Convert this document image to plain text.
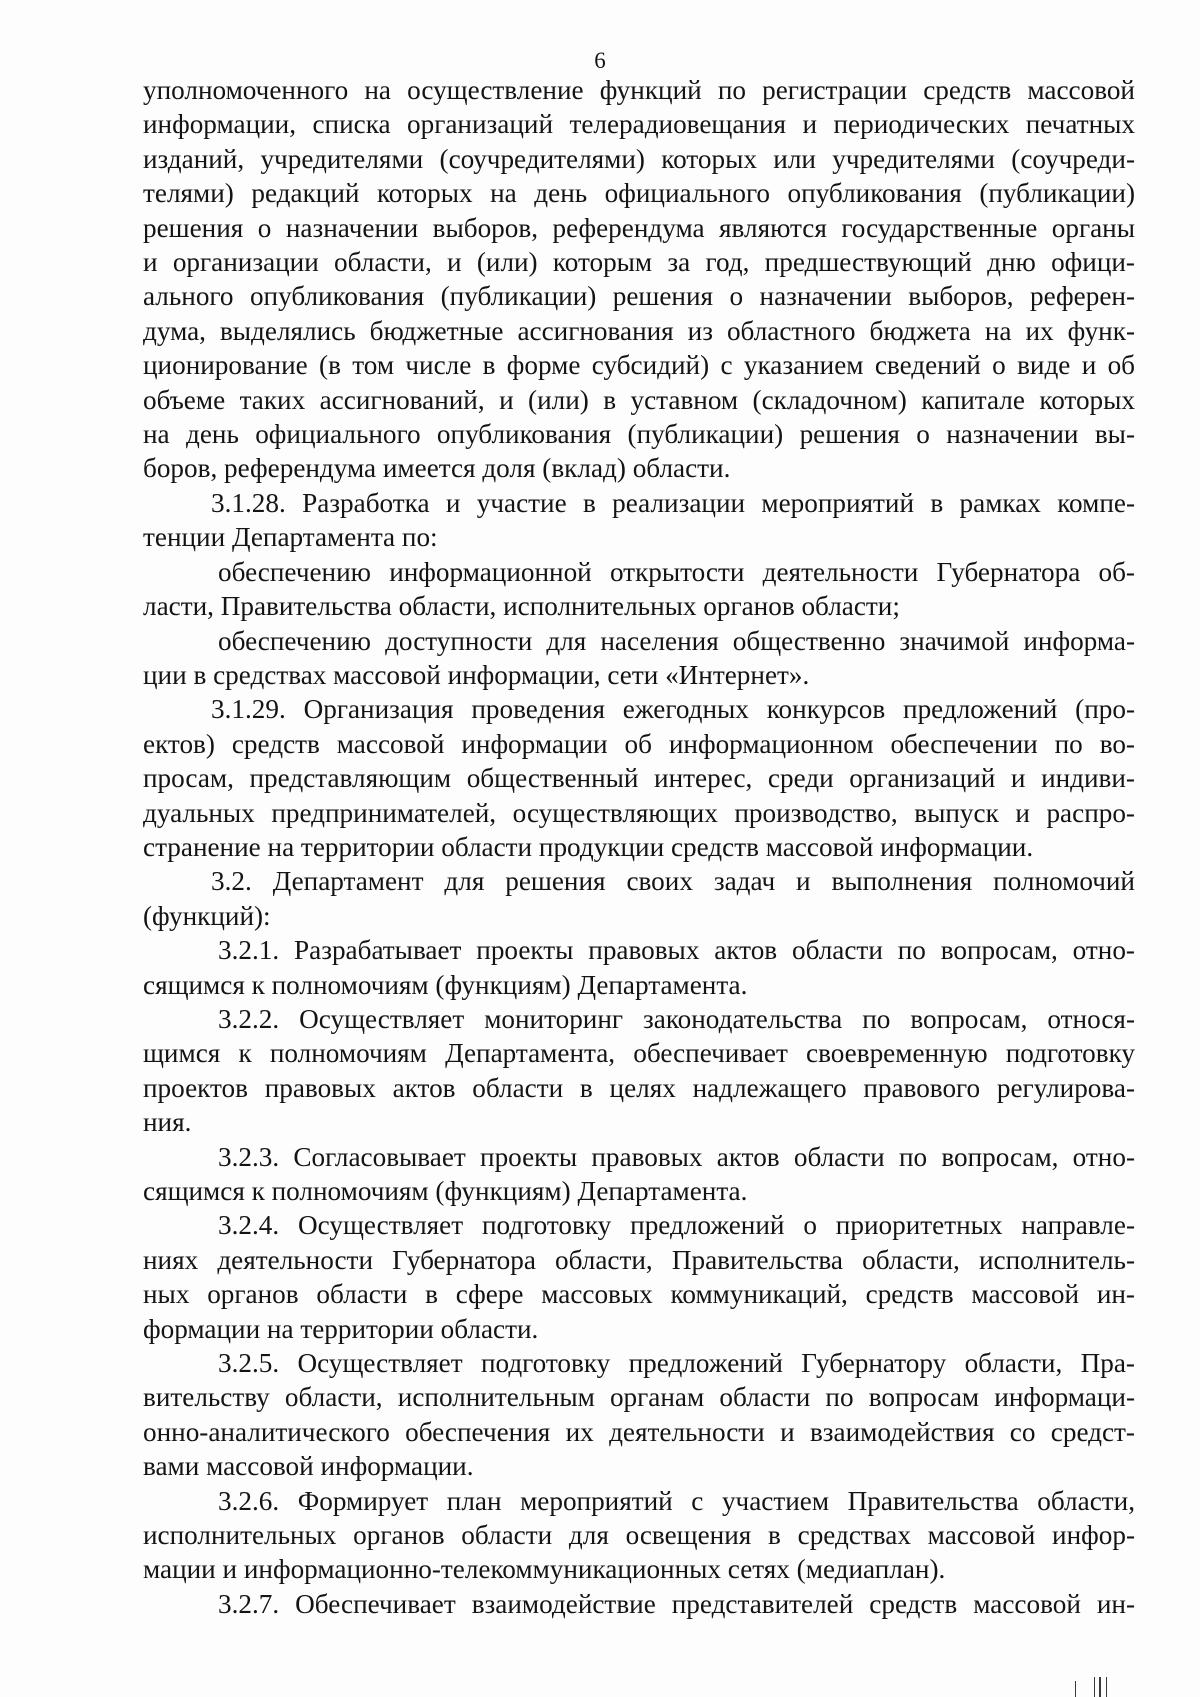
6

уполномоченного на осуществление функций по регистрации средств массовой

информации, списка организаций телерадиовещания и периодических печатных

изданий, учредителями (соучредителями) которых или учредителями (соучреди-

телями) редакций которых на день официального опубликования (публикации)

решения о назначении выборов, референдума являются государственные органы

и организации области, и (или) которым за год, предшествующий дню офици-

ального опубликования (публикации) решения о назначении выборов, референ-

дума, выделялись бюджетные ассигнования из областного бюджета на их функ-

ционирование (в том числе в форме субсидий) с указанием сведений о виде и об

объеме таких ассигнований, и (или) в уставном (складочном) капитале которых

на день официального опубликования (публикации) решения о назначении вы-

боров, референдума имеется доля (вклад) области.

3.1.28. Разработка и участие в реализации мероприятий в рамках компе-

тенции Департамента по:

обеспечению информационной открытости деятельности Губернатора об-

ласти, Правительства области, исполнительных органов области;

обеспечению доступности для населения общественно значимой информа-

ции в средствах массовой информации, сети «Интернет».

3.1.29. Организация проведения ежегодных конкурсов предложений (про-

ектов) средств массовой информации об информационном обеспечении по во-

просам, представляющим общественный интерес, среди организаций и индиви-

дуальных предпринимателей, осуществляющих производство, выпуск и распро-

странение на территории области продукции средств массовой информации.

3.2. Департамент для решения своих задач и выполнения полномочий

(функций):

3.2.1. Разрабатывает проекты правовых актов области по вопросам, отно-

сящимся к полномочиям (функциям) Департамента.

3.2.2. Осуществляет мониторинг законодательства по вопросам, относя-

щимся к полномочиям Департамента, обеспечивает своевременную подготовку

проектов правовых актов области в целях надлежащего правового регулирова-

ния.

3.2.3. Согласовывает проекты правовых актов области по вопросам, отно-

сящимся к полномочиям (функциям) Департамента.

3.2.4. Осуществляет подготовку предложений о приоритетных направле-

ниях деятельности Губернатора области, Правительства области, исполнитель-

ных органов области в сфере массовых коммуникаций, средств массовой ин-

формации на территории области.

3.2.5. Осуществляет подготовку предложений Губернатору области, Пра-

вительству области, исполнительным органам области по вопросам информаци-

онно-аналитического обеспечения их деятельности и взаимодействия со средст-

вами массовой информации.

3.2.6. Формирует план мероприятий с участием Правительства области,

исполнительных органов области для освещения в средствах массовой инфор-

мации и информационно-телекоммуникационных сетях (медиаплан).

3.2.7. Обеспечивает взаимодействие представителей средств массовой ин-
